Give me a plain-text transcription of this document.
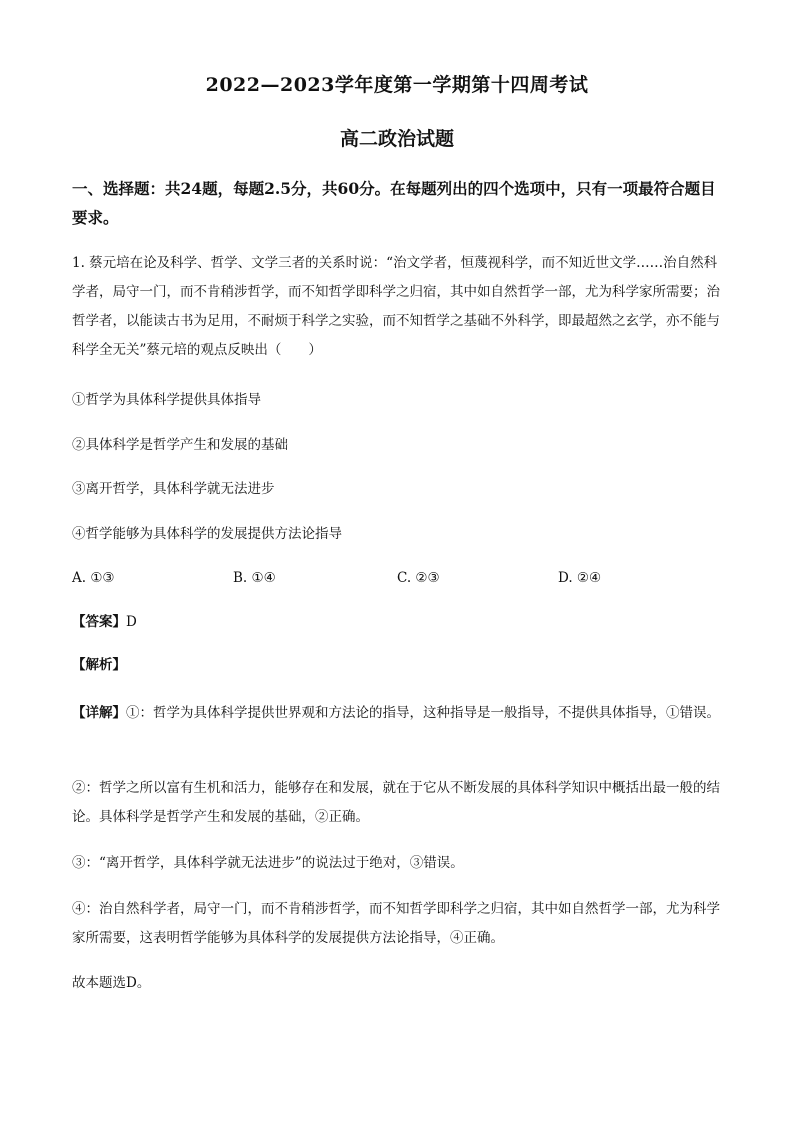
2022—2023学年度第一学期第十四周考试
高二政治试题
一、选择题：共24题，每题2.5分，共60分。在每题列出的四个选项中，只有一项最符合题目要求。
1. 蔡元培在论及科学、哲学、文学三者的关系时说：“治文学者，恒蔑视科学，而不知近世文学……治自然科学者，局守一门，而不肯稍涉哲学，而不知哲学即科学之归宿，其中如自然哲学一部，尤为科学家所需要；治哲学者，以能读古书为足用，不耐烦于科学之实验，而不知哲学之基础不外科学，即最超然之玄学，亦不能与科学全无关”蔡元培的观点反映出（　　）
①哲学为具体科学提供具体指导
②具体科学是哲学产生和发展的基础
③离开哲学，具体科学就无法进步
④哲学能够为具体科学的发展提供方法论指导
A. ①③	B. ①④	C. ②③	D. ②④
【答案】D
【解析】
【详解】①：哲学为具体科学提供世界观和方法论的指导，这种指导是一般指导，不提供具体指导，①错误。
②：哲学之所以富有生机和活力，能够存在和发展，就在于它从不断发展的具体科学知识中概括出最一般的结论。具体科学是哲学产生和发展的基础，②正确。
③：“离开哲学，具体科学就无法进步”的说法过于绝对，③错误。
④：治自然科学者，局守一门，而不肯稍涉哲学，而不知哲学即科学之归宿，其中如自然哲学一部，尤为科学家所需要，这表明哲学能够为具体科学的发展提供方法论指导，④正确。
故本题选D。
